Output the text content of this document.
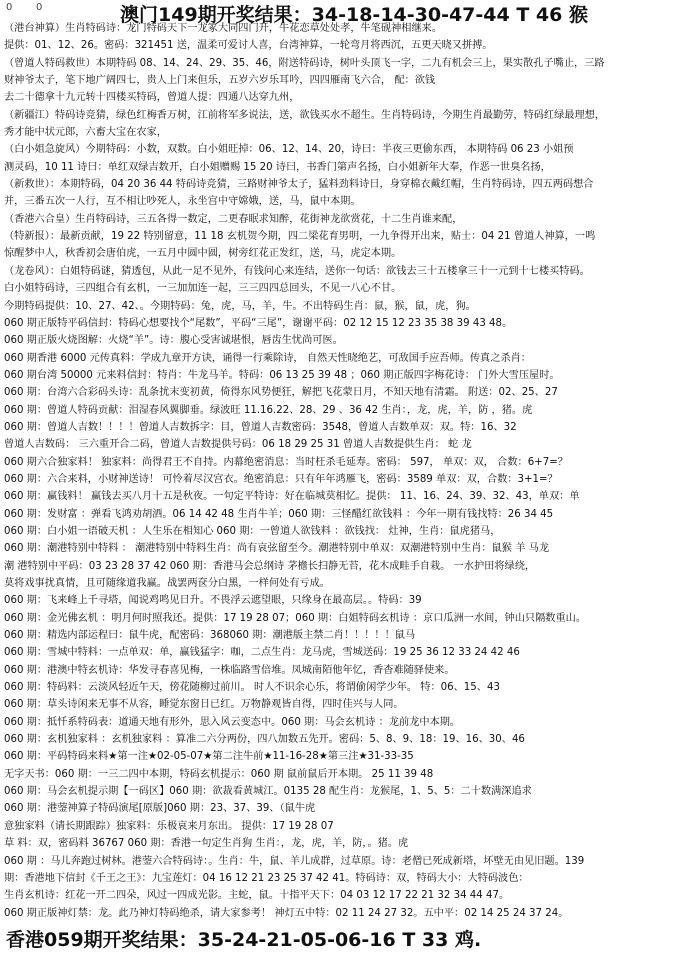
0 0	澳门149期开奖结果：34-18-14-30-47-44 T 46 猴
（港台神算）生肖特码诗：龙门特码天下一龙冢大同四门开，牛花恋草处处孝，牛笔砚神相继来。
提供：01、12、26。密码：321451 送，温柔可爱讨人喜，台湾神算，一轮弯月将西沉，五更天晓又拼搏。
（曾道人特码救世）本期特码 08、14、24、29、35、46，附送特码诗，树叶头顶飞一字，二九有机会三上，果实散孔子嘴止，三路
财神爷太子，笔下地广阔四七，贵人上门来但乐，五岁六岁乐耳吟，四四雁南飞六合， 配：欲钱
去二十德拿十九元转十四楼买特码，曾道人提：四通八达穿九州，
（新疆江）特码诗竞猜，绿色红梅香万树，江前将军多说法，送，欲钱买水不超生。生肖特码诗，今期生肖最勤劳，特码红绿最理想，
秀才能中状元郎，六畜大宝在农家，
（白小姐急旋风）今期特码：小数，双数。白小姐旺掉：06、12、14、20，诗曰：半夜三更偷东西， 本期特码 06 23 小姐预
测灵码，10 11 诗曰：单红双绿吉数开，白小姐赠赐 15 20 诗曰，书香门第声名扬，白小姐新年大奉，作恶一世臭名扬，
（新救世）：本期特码，04 20 36 44 特码诗竞猜，三路财神爷太子，猛料劲料诗日，身穿棉衣戴红帽，生肖特码诗，四五两码想合
并，三番五次一人行，互不相让吵死人，永坐宫中守嫦娥，送，马，鼠中本期。
（香港六合皇）生肖特码诗，三五各得一数定，二更春眠求知醉，花街神龙欲赏花，十二生肖谁来配，
（特新报）：最新贡献，19 22 特别留意，11 18 玄机贺今期，四二梁花育男明，一九争得开出来，贴士：04 21 曾道人神算，一鸣
惊醒梦中人，秋香初会唐伯虎，一五月中圆中圆，树旁红花正发红，送，马，虎定本期。
（龙卷风）：白姐特码谜，猜透包，从此一足不见外，有钱问心来连结，送你一句话：欲钱去三十五楼拿三十一元到十七楼买特码。
白小姐特码诗，三四组合有玄机，一三加加连一起，三三四四总回头，不见一八心不甘。
今期特码提供：10、27、42、。今期特码：兔，虎，马，羊，牛。不出特码生肖：鼠，猴，鼠，虎，狗。
060 期正版特平码信封：特码心想要找个“尾数”，平码“三尾”，谢谢平码：02 12 15 12 23 35 38 39 43 48。
060 期正版火烧图解：火烧“羊”。诗：腹心受害诚堪恨，唇齿生忧尚可医。
060 期香港 6000 元传真料：学成九章开方诀，诵得一行乘除诗， 自然天性晓绝艺，可敌国手应吾师。传真之杀肖：
060 期台湾 50000 元来料信封：特肖：牛龙马羊。特码：06 13 25 39 48 ；060 期正版四字梅花诗： 门外大雪压屋时。
060 期：台湾六合彩码头诗：乱条扰末变初黄，倚得东风势便狂，解把飞花蒙日月，不知天地有清霜。 附送：02、25、27
060 期：曾道人特码贡献：泪湿春风翼脚垂。绿波旺 11.16.22、28、29 、36 42 生肖：，龙，虎，羊，防 ，猪。虎
060 期：曾道人吉数！！！！曾道人吉数拆字：目，曾道人吉数密码：3548，曾道人吉数单双：双。特：16、32
曾道人吉数码： 三六重开合二码，曾道人吉数提供号码：06 18 29 25 31 曾道人吉数提供生肖： 蛇 龙
060 期六合独家料！ 独家料：尚得君王不自持。内幕绝密消息：当时枉杀毛延寿。密码： 597， 单双：双， 合数：6+7=？
060 期：六合来料，小财神送诗！ 可怜着尽汉宫衣。绝密消息：只有年年鸿雁飞，密码：3589 单双：双，合数：3+1=？
060 期：赢钱料！ 赢钱去买八月十五是秋夜。一句定平特诗：好在临城莫相忆。提供： 11、16、24、39、32、43，单双：单
060 期：发财富 ：弹看飞鸿劝胡酒。06 14 42 48 生肖牛羊；060 期：三怪醋红欲钱料 ：今年一期有钱找特：26 34 45
060 期：白小姐一语破天机 ：人生乐在相知心 060 期：一曾道人欲钱料 ：欲钱找： 灶神，生肖：鼠虎猪马，
060 期：潮港特别中特料 ： 潮港特别中特料生肖：尚有哀弦留至今。潮港特别中单双：双潮港特别中生肖：鼠猴 羊 马龙
潮 港特别中平码：03 23 28 37 42 060 期：香港马会总纲诗 茅檐长扫静无苔，花木成畦手自栽。 一水护田将绿绕，
莫将戏事扰真情，且可随缘道我赢。战罢两奁分白黑，一样何处有亏成。
060 期：飞来峰上千寻塔，闻说鸡鸣见日升。不畏浮云遮望眼，只缘身在最高层。。特码：39
060 期：金光佛玄机 ：明月何时照我还。提供：17 19 28 07；060 期：白姐特码玄机诗 ：京口瓜洲一水间，钟山只隔数重山。
060 期：精选内部运程曰：鼠牛虎，配密码：368060 期：潮港版主禁二肖！！！！！鼠马
060 期：雪城中特料：一点单双：单，赢钱猛字：咖，二点生肖：龙马虎，雪城送码：19 25 36 12 33 24 42 46
060 期：港澳中特玄机诗：华发寻春喜见梅，一株临路雪倍堆。凤城南陌他年忆，香杳难随驿使来。
060 期：特码料：云淡风轻近午天，傍花随柳过前川。 时人不识余心乐，将谓偷闲学少年。 特：06、15、43
060 期：草头诗闲来无事不从容，睡觉东窗日已红。万物静观皆自得，四时佳兴与人同。
060 期：抵忏系特码表：道通天地有形外，思入风云变态中。060 期：马会玄机诗 ：龙前龙中本期。
060 期：玄机独家料 ：玄机独家料 ：算准二六分两份，四八加数五先开。密码：5、8、9、18：19、16、30、46
060 期：平码特码来料★第一注★02-05-07★第二注牛前★11-16-28★第三注★31-33-35
无字天书：060 期：一三二四中本期，特码玄机提示：060 期 鼠前鼠后开本期。 25 11 39 48
060 期：马会玄机提示期【一码区】060 期：欲裁看黄城江。0135 28 配生肖：龙猴尾，1、5、5：二十数满深追求
060 期：港蓥神算子特码演尾[原版]060 期：23、37、39、（鼠牛虎
意独家料（请长期跟踪）独家料：乐极哀来月东出。 提供：17 19 28 07
草 料：双，密码料 36767 060 期：香港一句定生肖狗 生肖：，龙，虎，羊，防，。猪。虎
060 期 ：马儿奔跑过树林。港蓥六合特码诗：。生肖：牛，鼠、羊儿成群，过草原。诗：老僧已死成新塔，坏壁无由见旧题。139
期：香港地下信封《千王之王》：九宝莲灯：04 16 12 21 23 25 37 42 41。特码诗：双，特码大小：大特码波色：
生肖玄机诗：红花一开二四朵，风过一四成光影。主蛇，鼠。十指平天下：04 03 12 17 22 21 32 34 44 47。
060 期正版神灯禁：龙。此乃神灯特码绝杀，请大家参考！ 神灯五中特：02 11 24 27 32。五中平：02 14 25 24 37 24。
香港059期开奖结果：35-24-21-05-06-16 T 33 鸡.
